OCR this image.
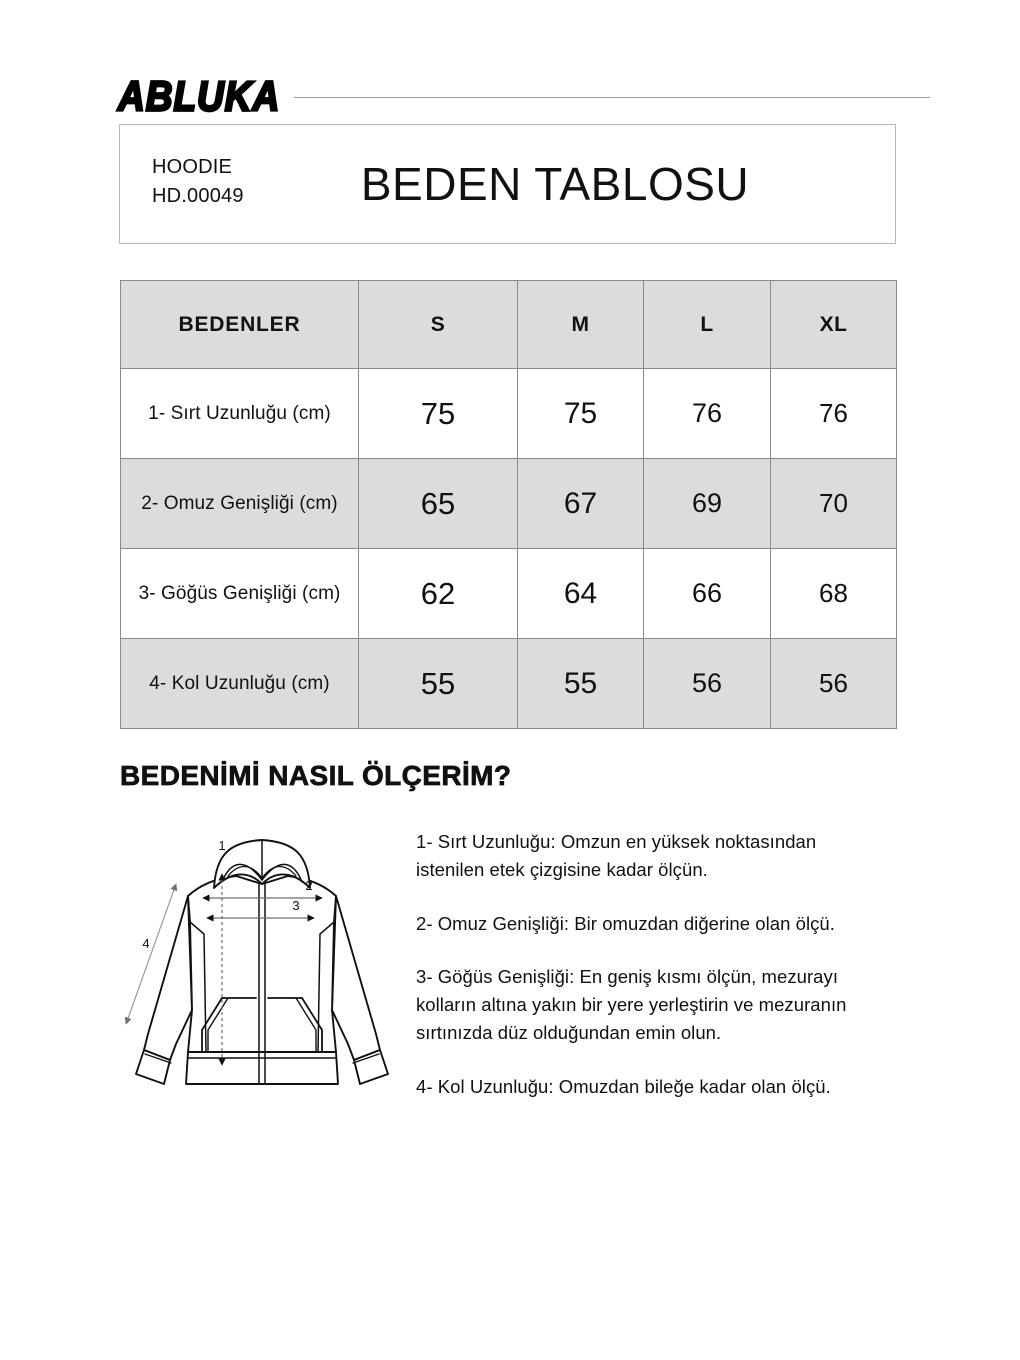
ABLUKA
HOODIE
HD.00049	BEDEN TABLOSU
BEDENLER	S	M	L	XL
1- Sırt Uzunluğu (cm)	75	75	76	76
2- Omuz Genişliği (cm)	65	67	69	70
3- Göğüs Genişliği (cm)	62	64	66	68
4- Kol Uzunluğu (cm)	55	55	56	56
BEDENİMİ NASIL ÖLÇERİM?
1
2
3
4

1- Sırt Uzunluğu: Omzun en yüksek noktasından istenilen etek çizgisine kadar ölçün.

2- Omuz Genişliği: Bir omuzdan diğerine olan ölçü.

3- Göğüs Genişliği: En geniş kısmı ölçün, mezurayı kolların altına yakın bir yere yerleştirin ve mezuranın sırtınızda düz olduğundan emin olun.

4- Kol Uzunluğu: Omuzdan bileğe kadar olan ölçü.
